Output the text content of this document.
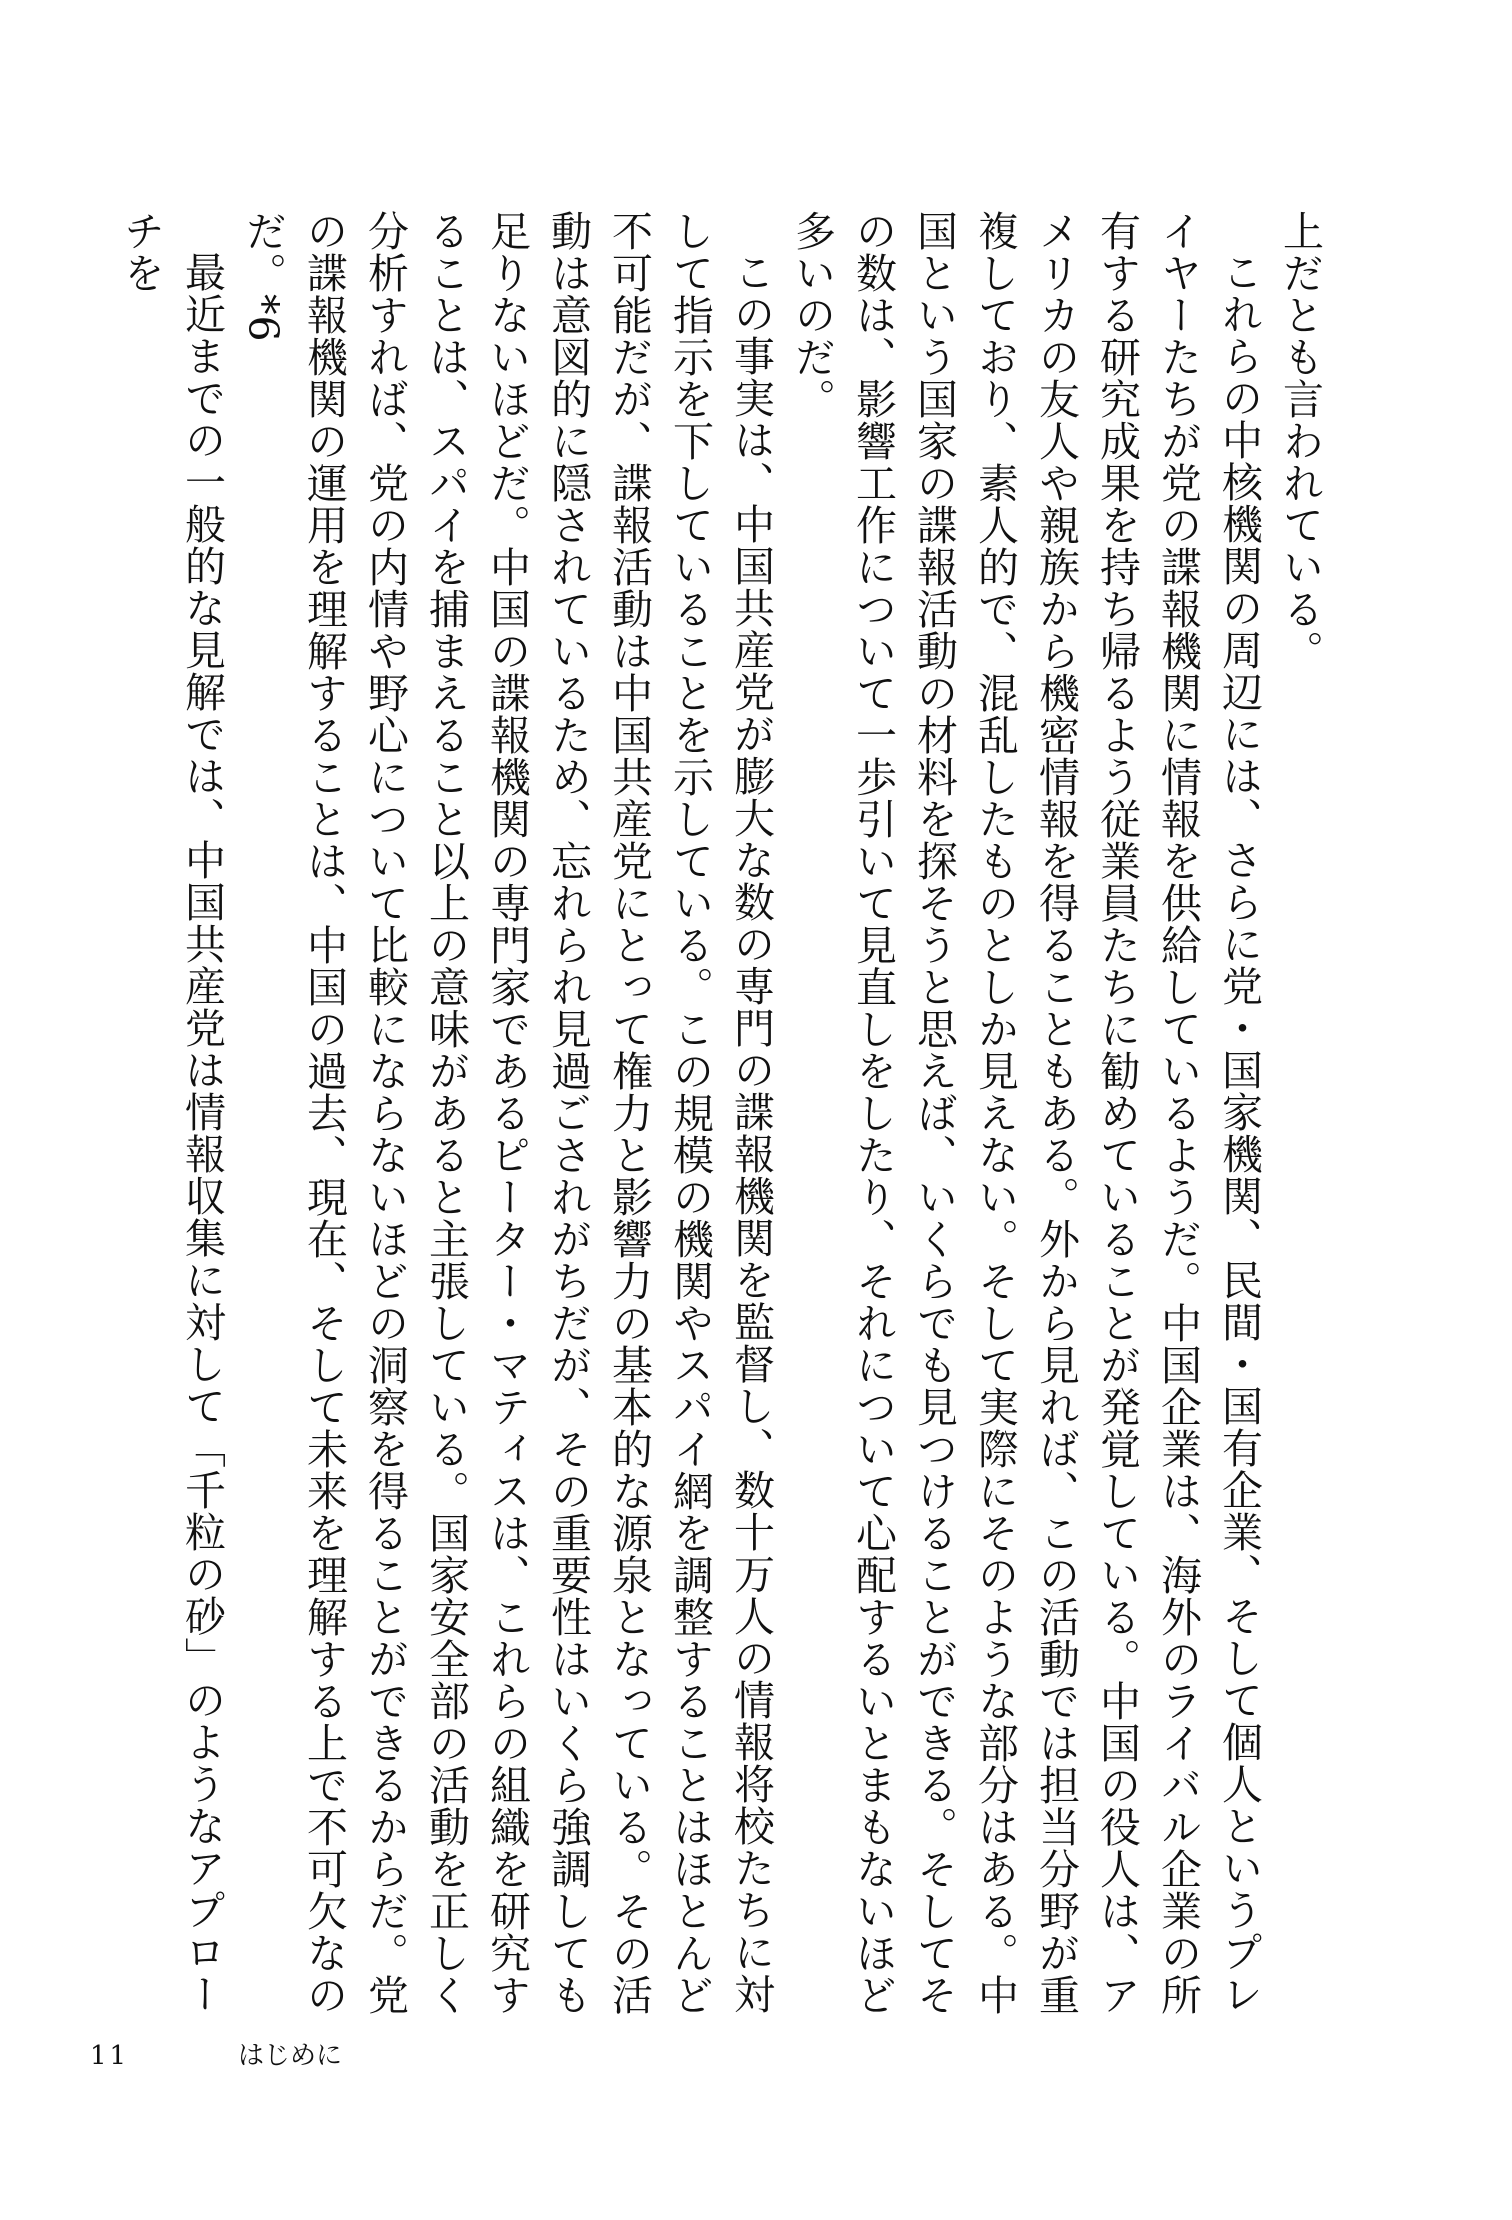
上だとも言われている。

これらの中核機関の周辺には、さらに党・国家機関、民間・国有企業、そして個人というプレイヤーたちが党の諜報機関に情報を供給しているようだ。中国企業は、海外のライバル企業の所有する研究成果を持ち帰るよう従業員たちに勧めていることが発覚している。中国の役人は、アメリカの友人や親族から機密情報を得ることもある。外から見れば、この活動では担当分野が重複しており、素人的で、混乱したものとしか見えない。そして実際にそのような部分はある。中国という国家の諜報活動の材料を探そうと思えば、いくらでも見つけることができる。そしてその数は、影響工作について一歩引いて見直しをしたり、それについて心配するいとまもないほど多いのだ。

この事実は、中国共産党が膨大な数の専門の諜報機関を監督し、数十万人の情報将校たちに対して指示を下していることを示している。この規模の機関やスパイ網を調整することはほとんど不可能だが、諜報活動は中国共産党にとって権力と影響力の基本的な源泉となっている。その活動は意図的に隠されているため、忘れられ見過ごされがちだが、その重要性はいくら強調しても足りないほどだ。中国の諜報機関の専門家であるピーター・マティスは、これらの組織を研究することは、スパイを捕まえること以上の意味があると主張している。国家安全部の活動を正しく分析すれば、党の内情や野心について比較にならないほどの洞察を得ることができるからだ。党の諜報機関の運用を理解することは、中国の過去、現在、そして未来を理解する上で不可欠なのだ。*6

最近までの一般的な見解では、中国共産党は情報収集に対して「千粒の砂」のようなアプローチを

11	はじめに
